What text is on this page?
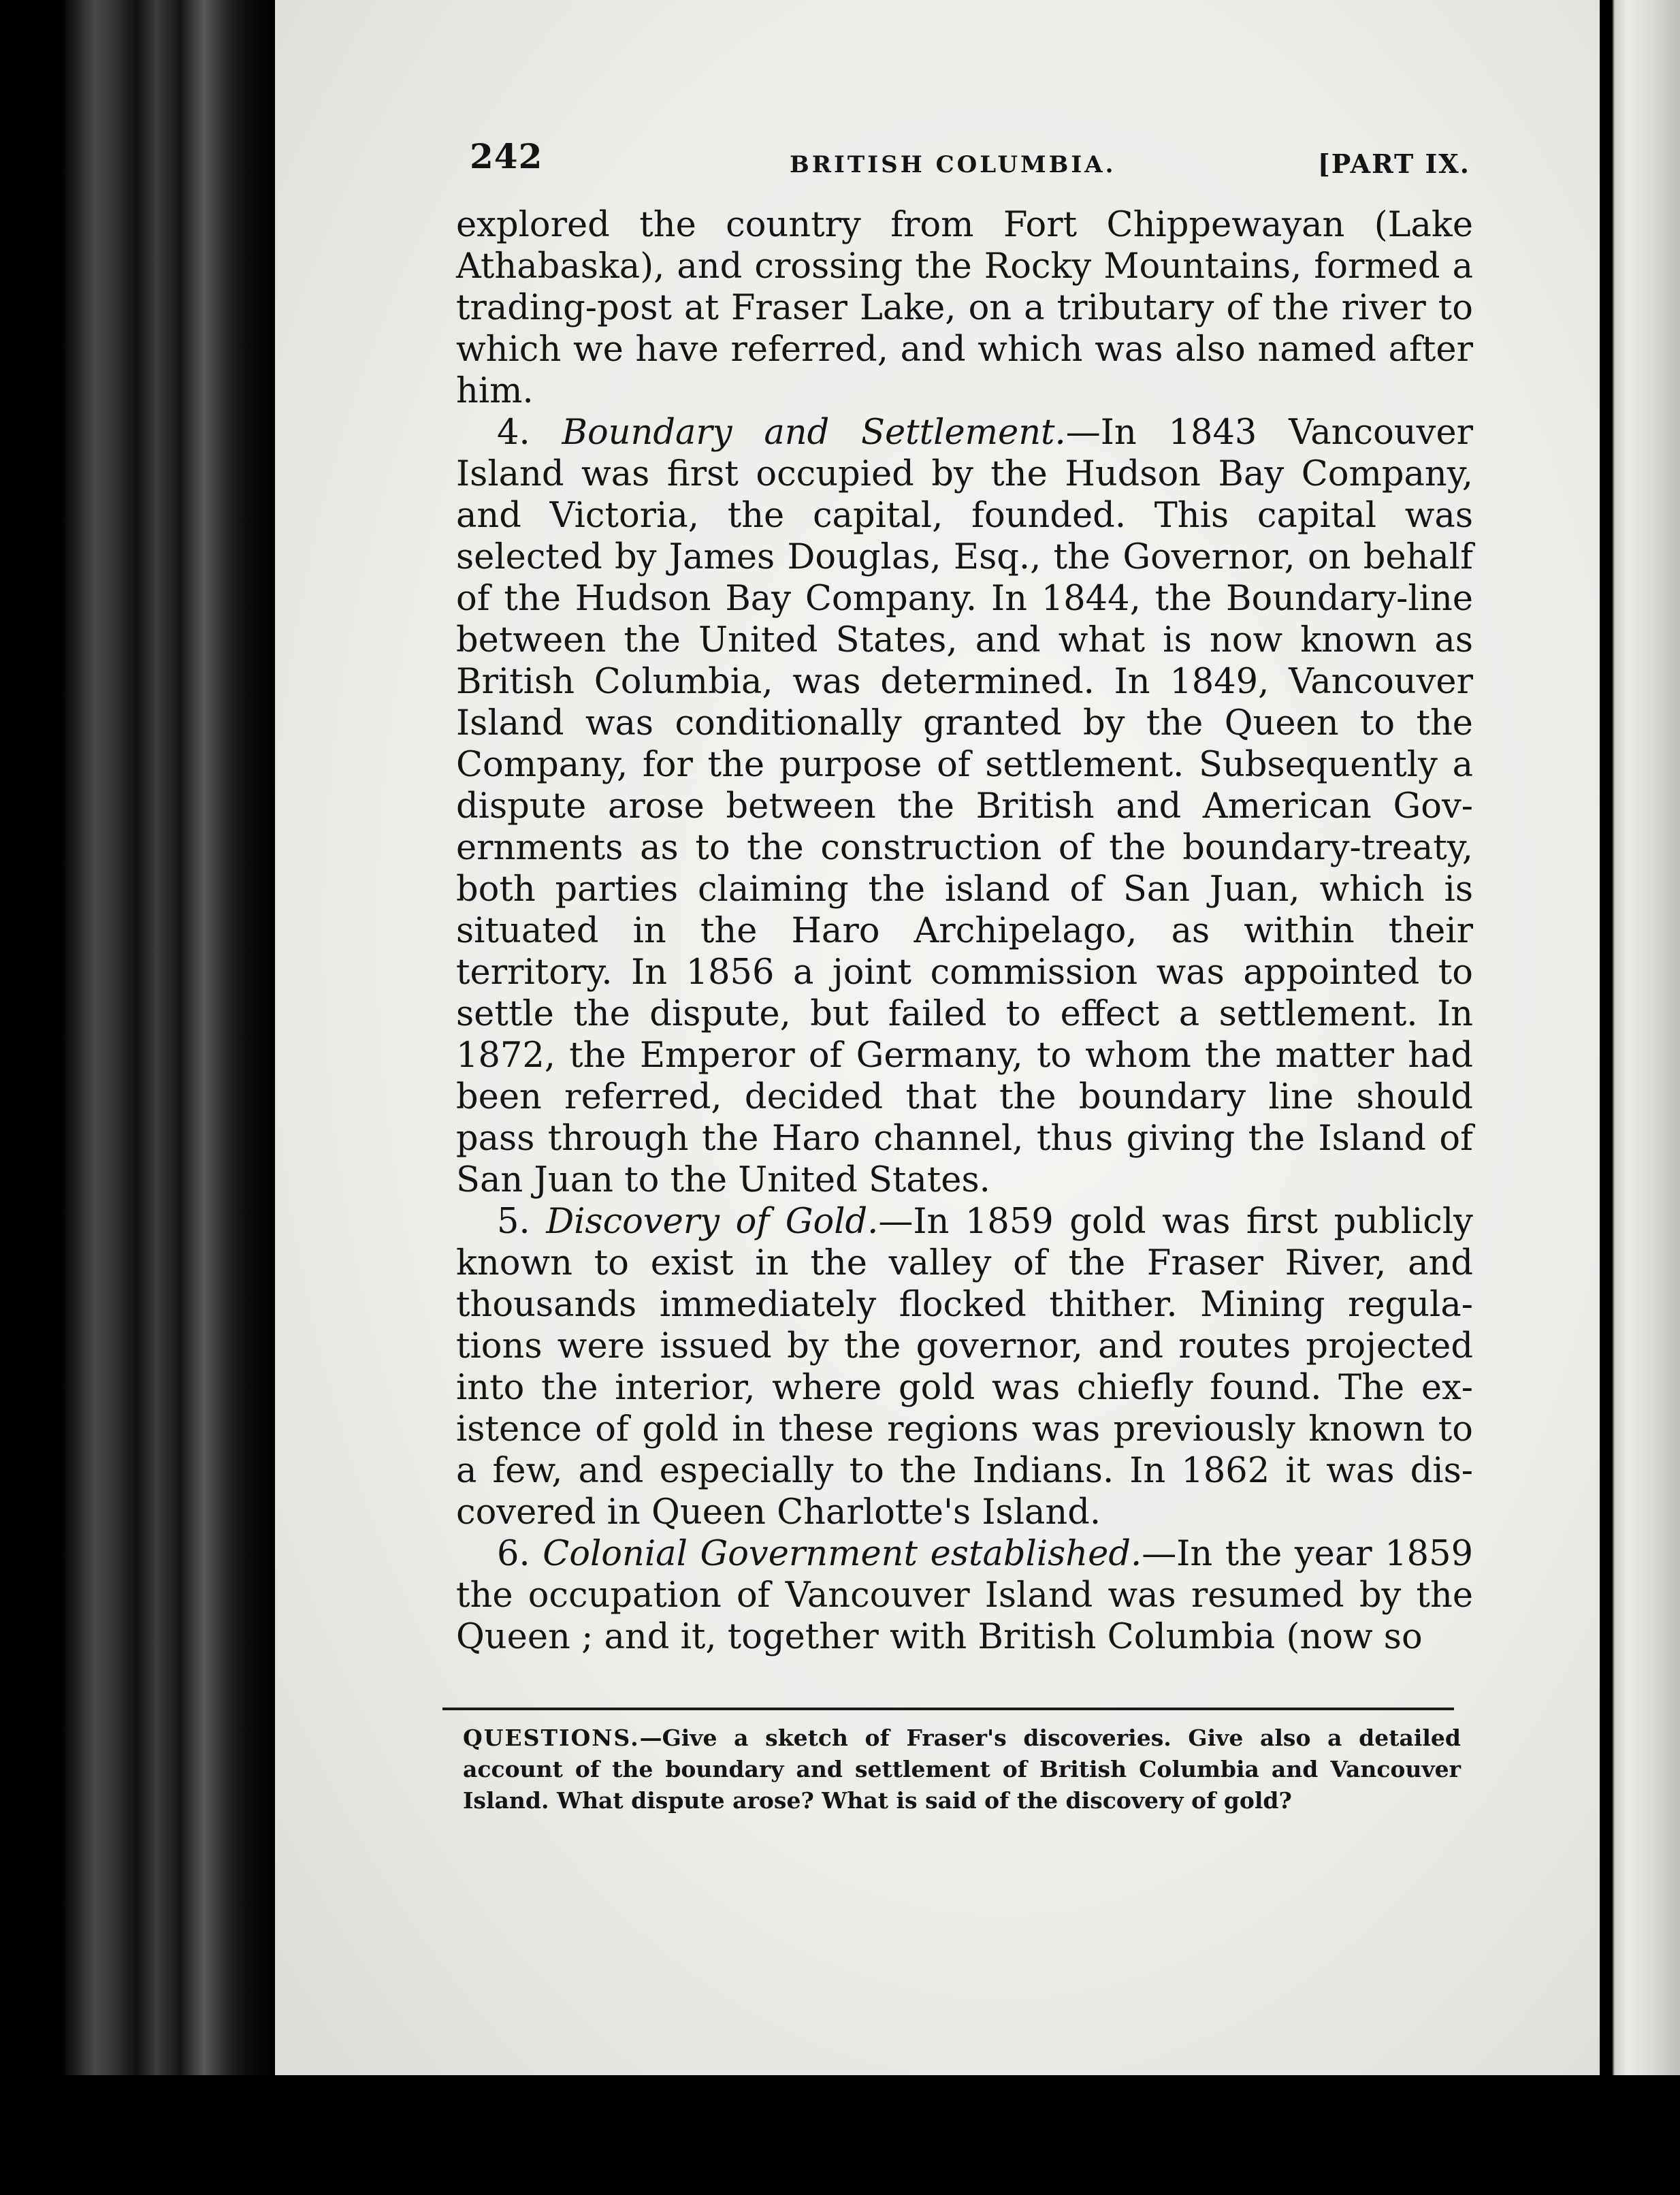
242	BRITISH COLUMBIA.	[PART IX.

explored the country from Fort Chippewayan (Lake Athabaska), and crossing the Rocky Mountains, formed a trading-post at Fraser Lake, on a tributary of the river to which we have referred, and which was also named after him.

4. Boundary and Settlement.—In 1843 Vancouver Island was first occupied by the Hudson Bay Company, and Victoria, the capital, founded. This capital was selected by James Douglas, Esq., the Governor, on behalf of the Hudson Bay Company. In 1844, the Boundary-line between the United States, and what is now known as British Columbia, was determined. In 1849, Vancouver Island was conditionally granted by the Queen to the Company, for the purpose of settlement. Subsequently a dispute arose between the British and American Governments as to the construction of the boundary-treaty, both parties claiming the island of San Juan, which is situated in the Haro Archipelago, as within their territory. In 1856 a joint commission was appointed to settle the dispute, but failed to effect a settlement. In 1872, the Emperor of Germany, to whom the matter had been referred, decided that the boundary line should pass through the Haro channel, thus giving the Island of San Juan to the United States.

5. Discovery of Gold.—In 1859 gold was first publicly known to exist in the valley of the Fraser River, and thousands immediately flocked thither. Mining regulations were issued by the governor, and routes projected into the interior, where gold was chiefly found. The existence of gold in these regions was previously known to a few, and especially to the Indians. In 1862 it was discovered in Queen Charlotte's Island.

6. Colonial Government established.—In the year 1859 the occupation of Vancouver Island was resumed by the Queen ; and it, together with British Columbia (now so

QUESTIONS.—Give a sketch of Fraser's discoveries. Give also a detailed account of the boundary and settlement of British Columbia and Vancouver Island. What dispute arose? What is said of the discovery of gold?
